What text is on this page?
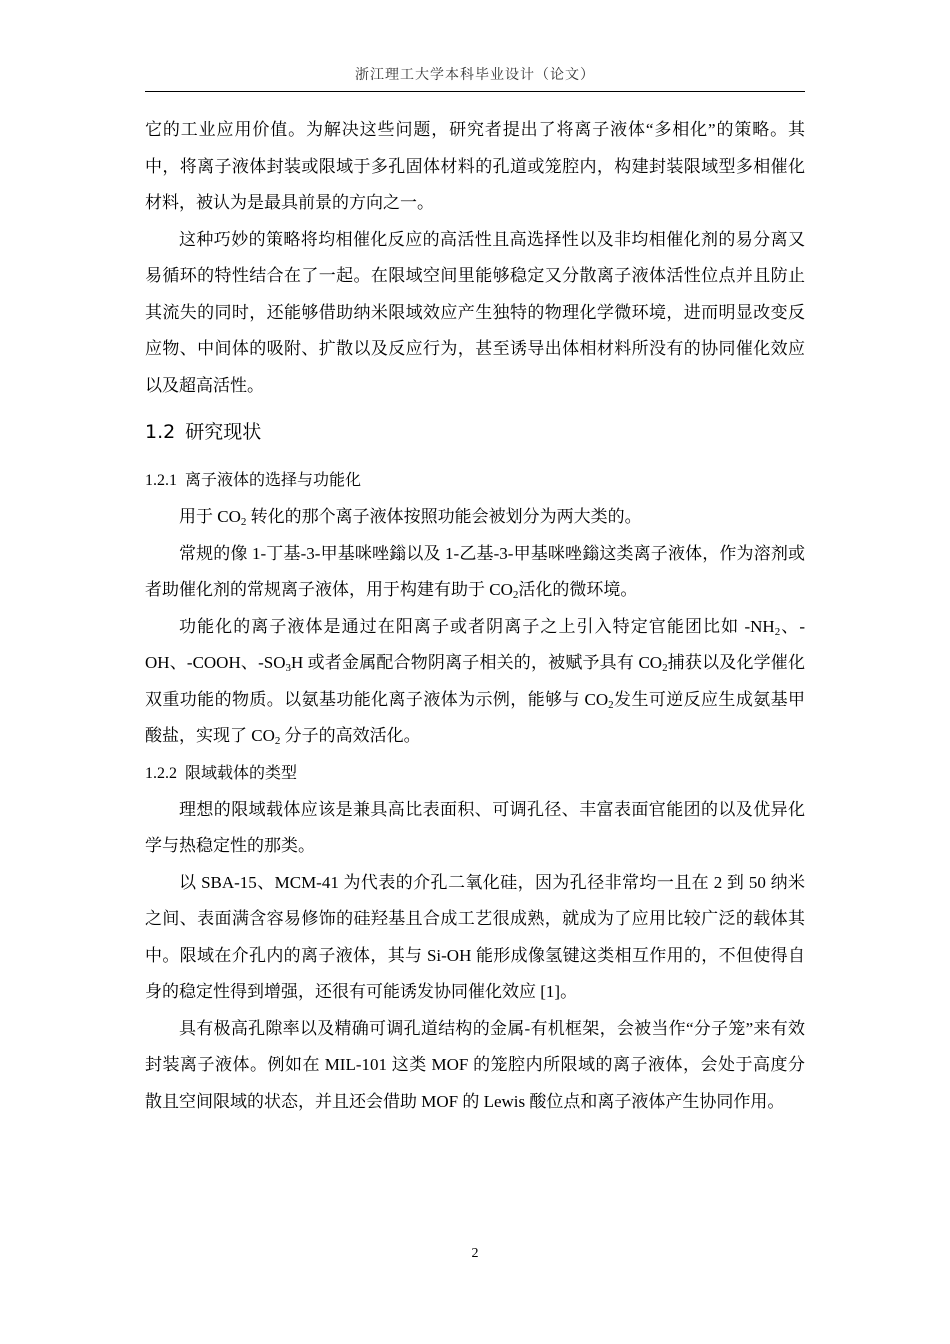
浙江理工大学本科毕业设计（论文）

它的工业应用价值。为解决这些问题，研究者提出了将离子液体“多相化”的策略。其中，将离子液体封装或限域于多孔固体材料的孔道或笼腔内，构建封装限域型多相催化材料，被认为是最具前景的方向之一。

这种巧妙的策略将均相催化反应的高活性且高选择性以及非均相催化剂的易分离又易循环的特性结合在了一起。在限域空间里能够稳定又分散离子液体活性位点并且防止其流失的同时，还能够借助纳米限域效应产生独特的物理化学微环境，进而明显改变反应物、中间体的吸附、扩散以及反应行为，甚至诱导出体相材料所没有的协同催化效应以及超高活性。

1.2 研究现状
1.2.1 离子液体的选择与功能化

用于 $CO_2$ 转化的那个离子液体按照功能会被划分为两大类的。

常规的像 1-丁基-3-甲基咪唑鎓以及 1-乙基-3-甲基咪唑鎓这类离子液体，作为溶剂或者助催化剂的常规离子液体，用于构建有助于 $CO_2$活化的微环境。

功能化的离子液体是通过在阳离子或者阴离子之上引入特定官能团比如 $-NH_2$、-OH、-COOH、$-SO_3H$ 或者金属配合物阴离子相关的，被赋予具有 $CO_2$捕获以及化学催化双重功能的物质。以氨基功能化离子液体为示例，能够与 $CO_2$发生可逆反应生成氨基甲酸盐，实现了 $CO_2$ 分子的高效活化。

1.2.2 限域载体的类型

理想的限域载体应该是兼具高比表面积、可调孔径、丰富表面官能团的以及优异化学与热稳定性的那类。

以 SBA-15、MCM-41 为代表的介孔二氧化硅，因为孔径非常均一且在 2 到 50 纳米之间、表面满含容易修饰的硅羟基且合成工艺很成熟，就成为了应用比较广泛的载体其中。限域在介孔内的离子液体，其与 Si-OH 能形成像氢键这类相互作用的，不但使得自身的稳定性得到增强，还很有可能诱发协同催化效应 [1]。

具有极高孔隙率以及精确可调孔道结构的金属-有机框架，会被当作“分子笼”来有效封装离子液体。例如在 MIL-101 这类 MOF 的笼腔内所限域的离子液体，会处于高度分散且空间限域的状态，并且还会借助 MOF 的 Lewis 酸位点和离子液体产生协同作用。

2
